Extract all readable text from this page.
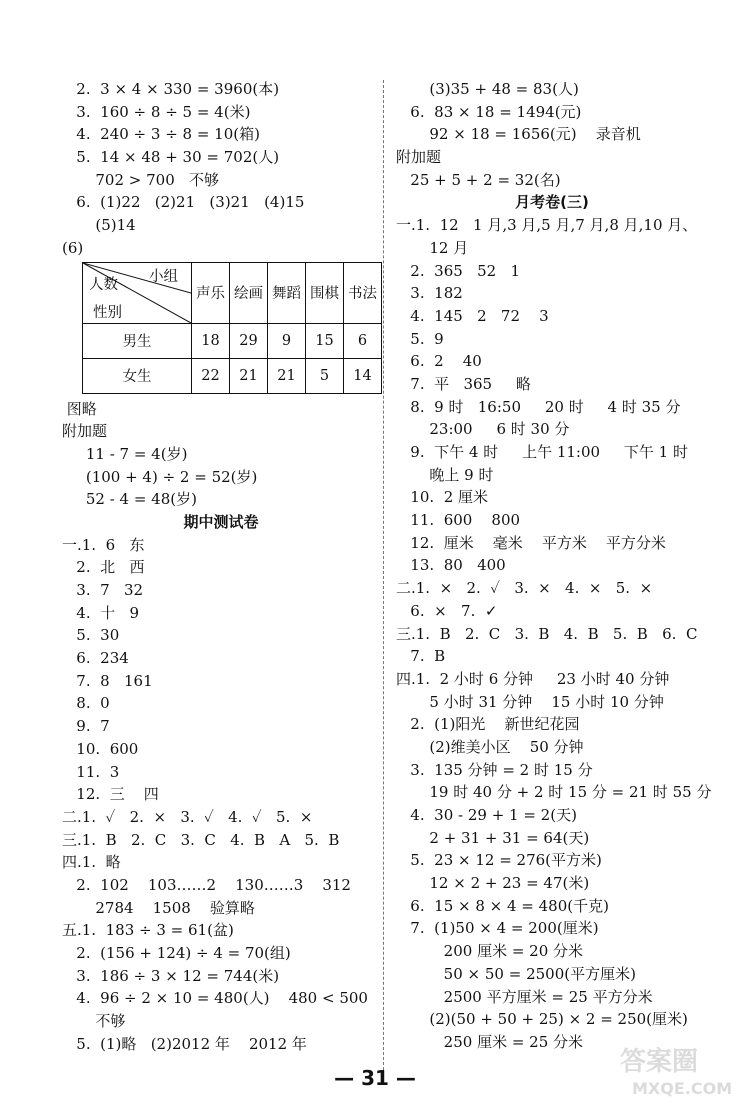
2.  3 × 4 × 330 = 3960(本)
3.  160 ÷ 8 ÷ 5 = 4(米)
4.  240 ÷ 3 ÷ 8 = 10(箱)
5.  14 × 48 + 30 = 702(人)
702 > 700   不够
6.  (1)22   (2)21   (3)21   (4)15
(5)14
(6)
小组
人数
性别	声乐	绘画	舞蹈	围棋	书法
男生	18	29	9	15	6
女生	22	21	21	5	14
图略
附加题
11 - 7 = 4(岁)
(100 + 4) ÷ 2 = 52(岁)
52 - 4 = 48(岁)
期中测试卷
一.1.  6   东
2.  北   西
3.  7   32
4.  十   9
5.  30
6.  234
7.  8   161
8.  0
9.  7
10.  600
11.  3
12.  三    四
二.1.  ✓   2.  ×   3.  ✓   4.  ✓   5.  ×
三.1.  B   2.  C   3.  C   4.  B   A   5.  B
四.1.  略
2.  102    103……2    130……3    312
2784    1508    验算略
五.1.  183 ÷ 3 = 61(盆)
2.  (156 + 124) ÷ 4 = 70(组)
3.  186 ÷ 3 × 12 = 744(米)
4.  96 ÷ 2 × 10 = 480(人)    480 < 500
不够
5.  (1)略   (2)2012 年    2012 年
(3)35 + 48 = 83(人)
6.  83 × 18 = 1494(元)
92 × 18 = 1656(元)    录音机
附加题
25 + 5 + 2 = 32(名)
月考卷(三)
一.1.  12   1 月,3 月,5 月,7 月,8 月,10 月、
12 月
2.  365   52   1
3.  182
4.  145   2   72    3
5.  9
6.  2    40
7.  平   365     略
8.  9 时   16:50     20 时     4 时 35 分
23:00     6 时 30 分
9.  下午 4 时     上午 11:00     下午 1 时
晚上 9 时
10.  2 厘米
11.  600    800
12.  厘米    毫米    平方米    平方分米
13.  80   400
二.1.  ×   2.  ✓   3.  ×   4.  ×   5.  ×
6.  ×   7.  ✓
三.1.  B   2.  C   3.  B   4.  B   5.  B   6.  C
7.  B
四.1.  2 小时 6 分钟     23 小时 40 分钟
5 小时 31 分钟    15 小时 10 分钟
2.  (1)阳光    新世纪花园
(2)维美小区    50 分钟
3.  135 分钟 = 2 时 15 分
19 时 40 分 + 2 时 15 分 = 21 时 55 分
4.  30 - 29 + 1 = 2(天)
2 + 31 + 31 = 64(天)
5.  23 × 12 = 276(平方米)
12 × 2 + 23 = 47(米)
6.  15 × 8 × 4 = 480(千克)
7.  (1)50 × 4 = 200(厘米)
200 厘米 = 20 分米
50 × 50 = 2500(平方厘米)
2500 平方厘米 = 25 平方分米
(2)(50 + 50 + 25) × 2 = 250(厘米)
250 厘米 = 25 分米
— 31 —
答案圈
MXQE.COM
